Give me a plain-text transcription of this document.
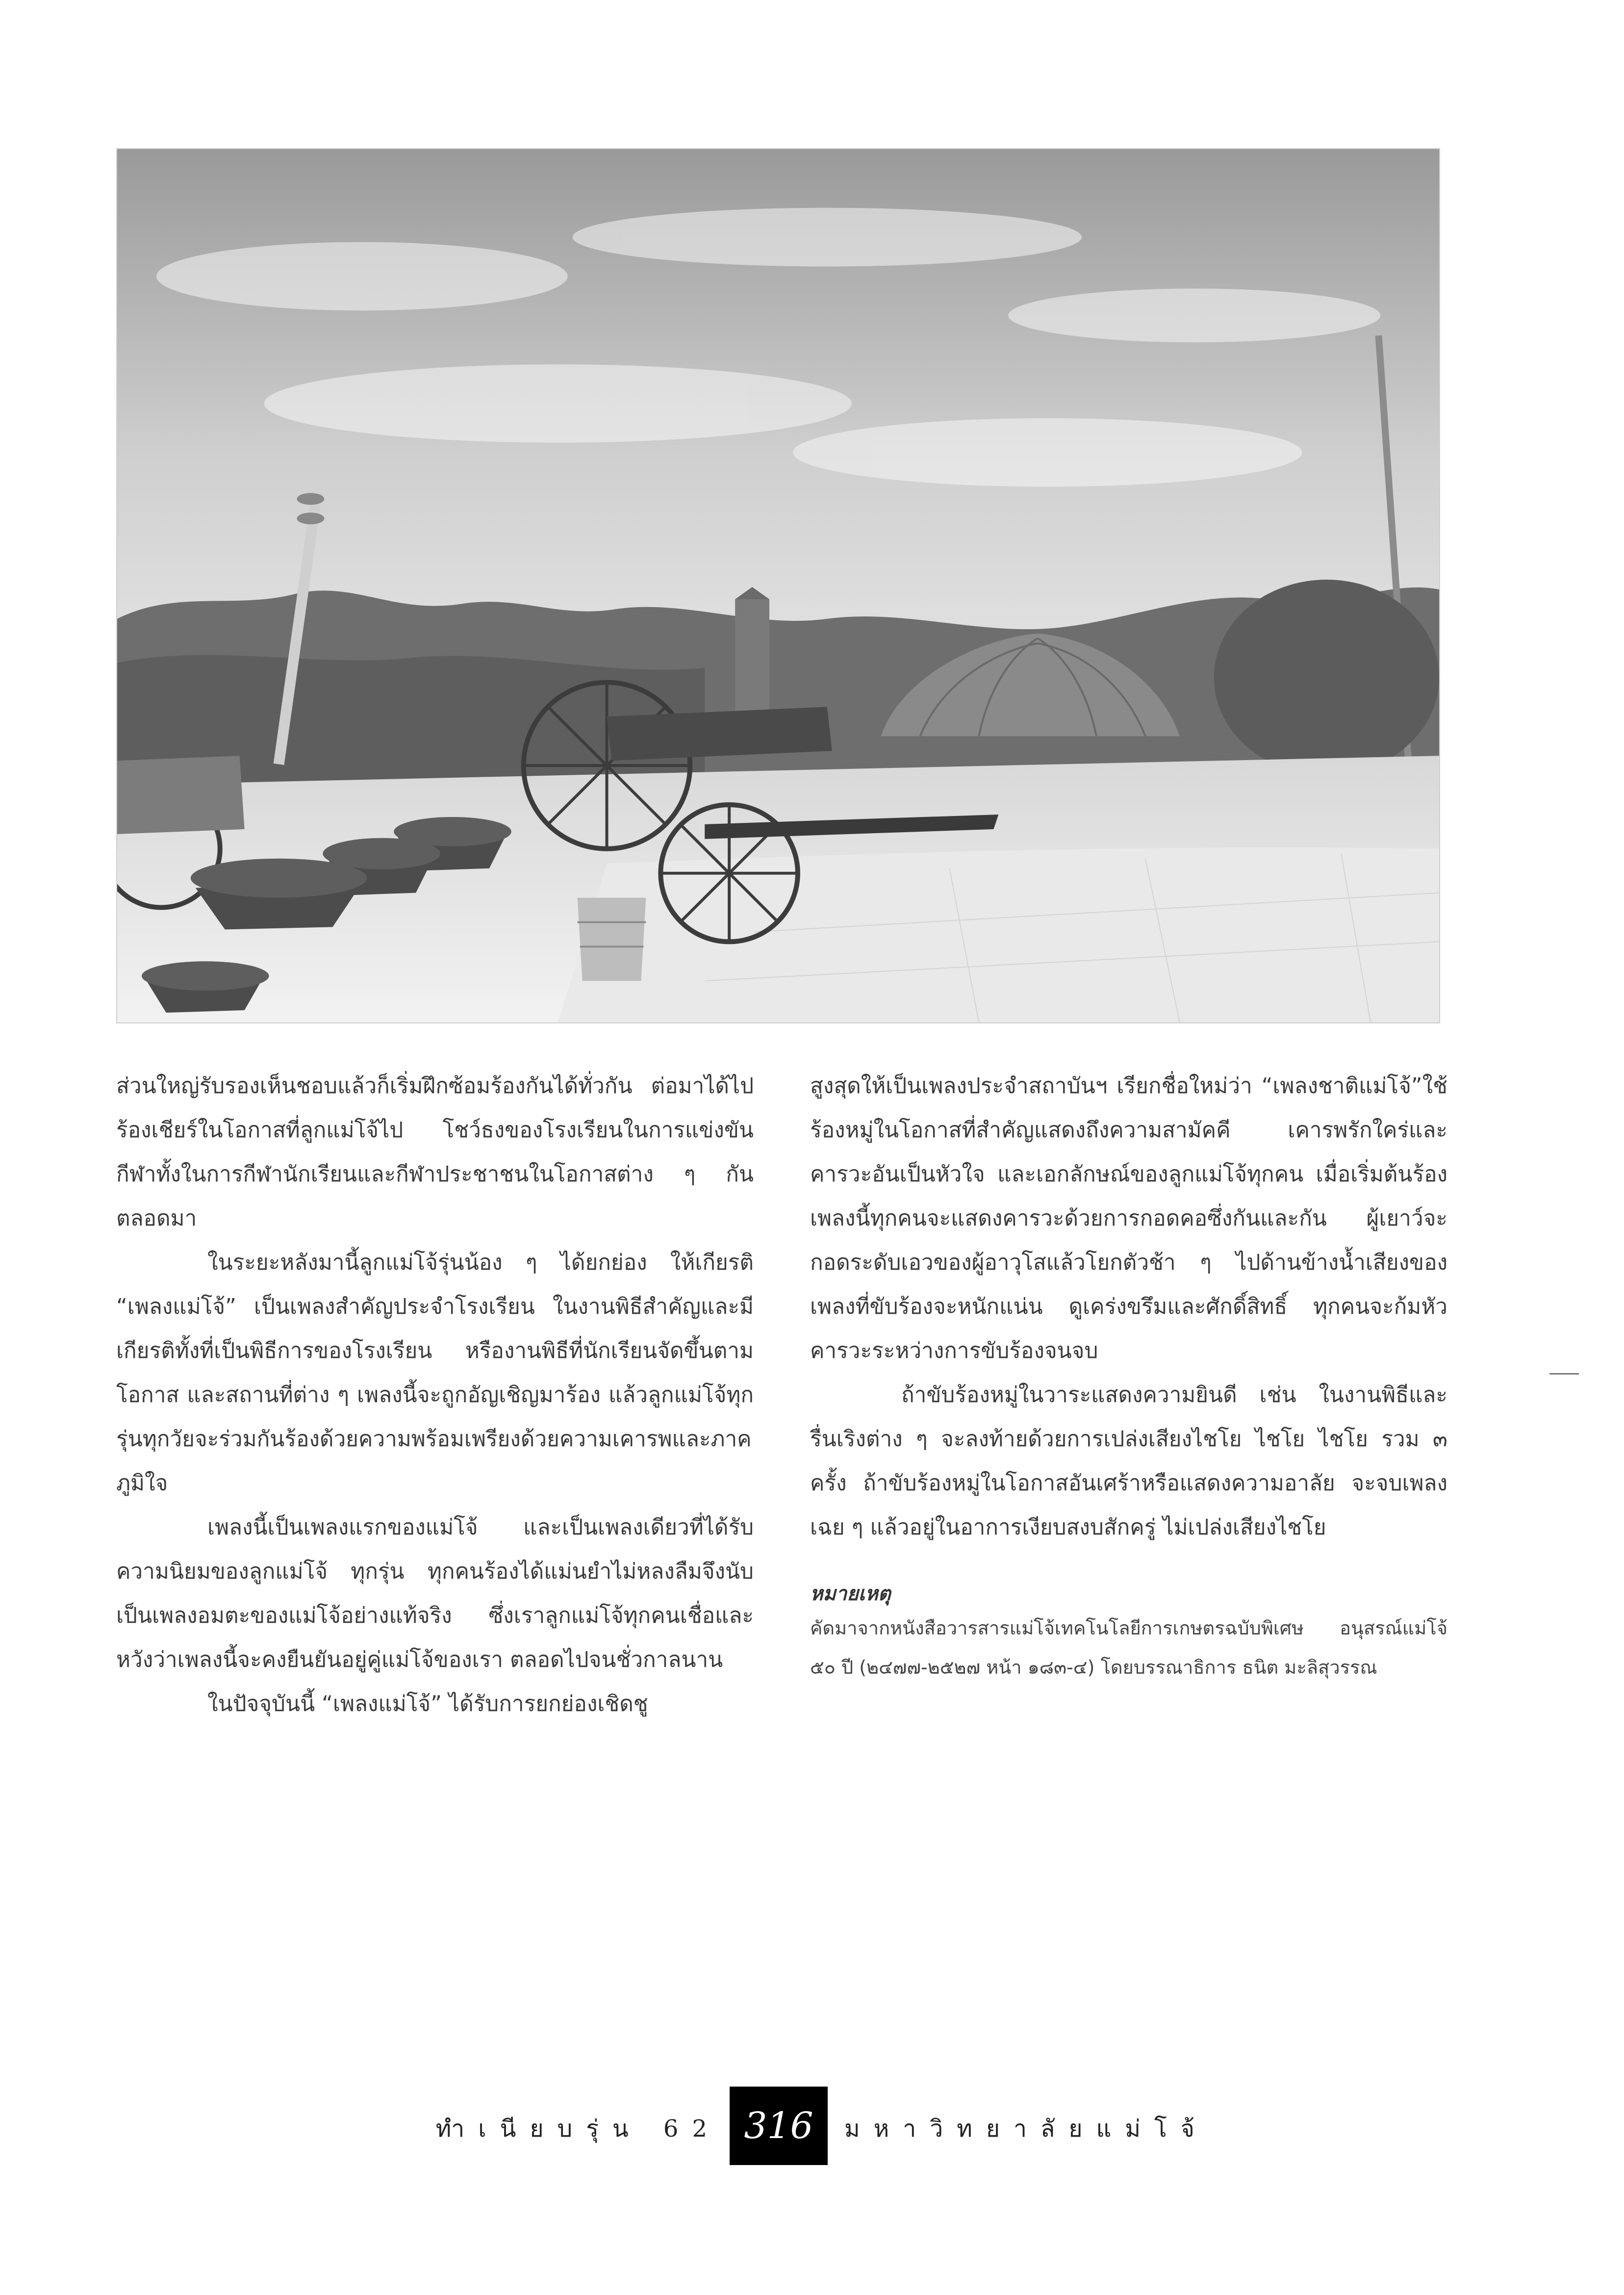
ส่วนใหญ่รับรองเห็นชอบแล้วก็เริ่มฝึกซ้อมร้องกันได้ทั่วกัน ต่อมาได้ไปร้องเชียร์ในโอกาสที่ลูกแม่โจ้ไป โชว์ธงของโรงเรียนในการแข่งขันกีฬาทั้งในการกีฬานักเรียนและกีฬาประชาชนในโอกาสต่าง ๆ กันตลอดมา

ในระยะหลังมานี้ลูกแม่โจ้รุ่นน้อง ๆ ได้ยกย่อง ให้เกียรติ “เพลงแม่โจ้” เป็นเพลงสำคัญประจำโรงเรียน ในงานพิธีสำคัญและมีเกียรติทั้งที่เป็นพิธีการของโรงเรียน หรืองานพิธีที่นักเรียนจัดขึ้นตามโอกาส และสถานที่ต่าง ๆ เพลงนี้จะถูกอัญเชิญมาร้อง แล้วลูกแม่โจ้ทุกรุ่นทุกวัยจะร่วมกันร้องด้วยความพร้อมเพรียงด้วยความเคารพและภาคภูมิใจ

เพลงนี้เป็นเพลงแรกของแม่โจ้ และเป็นเพลงเดียวที่ได้รับความนิยมของลูกแม่โจ้ ทุกรุ่น ทุกคนร้องได้แม่นยำไม่หลงลืมจึงนับเป็นเพลงอมตะของแม่โจ้อย่างแท้จริง ซึ่งเราลูกแม่โจ้ทุกคนเชื่อและหวังว่าเพลงนี้จะคงยืนยันอยู่คู่แม่โจ้ของเรา ตลอดไปจนชั่วกาลนาน

ในปัจจุบันนี้ “เพลงแม่โจ้” ได้รับการยกย่องเชิดชู

สูงสุดให้เป็นเพลงประจำสถาบันฯ เรียกชื่อใหม่ว่า “เพลงชาติแม่โจ้”ใช้ร้องหมู่ในโอกาสที่สำคัญแสดงถึงความสามัคคี เคารพรักใคร่และคารวะอันเป็นหัวใจ และเอกลักษณ์ของลูกแม่โจ้ทุกคน เมื่อเริ่มต้นร้องเพลงนี้ทุกคนจะแสดงคารวะด้วยการกอดคอซึ่งกันและกัน ผู้เยาว์จะกอดระดับเอวของผู้อาวุโสแล้วโยกตัวช้า ๆ ไปด้านข้างน้ำเสียงของเพลงที่ขับร้องจะหนักแน่น ดูเคร่งขรึมและศักดิ์สิทธิ์ ทุกคนจะก้มหัวคารวะระหว่างการขับร้องจนจบ

ถ้าขับร้องหมู่ในวาระแสดงความยินดี เช่น ในงานพิธีและรื่นเริงต่าง ๆ จะลงท้ายด้วยการเปล่งเสียงไชโย ไชโย ไชโย รวม ๓ ครั้ง ถ้าขับร้องหมู่ในโอกาสอันเศร้าหรือแสดงความอาลัย จะจบเพลงเฉย ๆ แล้วอยู่ในอาการเงียบสงบสักครู่ ไม่เปล่งเสียงไชโย

หมายเหตุ
คัดมาจากหนังสือวารสารแม่โจ้เทคโนโลยีการเกษตรฉบับพิเศษ อนุสรณ์แม่โจ้ ๕๐ ปี (๒๔๗๗-๒๕๒๗ หน้า ๑๘๓-๔) โดยบรรณาธิการ ธนิต มะลิสุวรรณ
ทำเนียบรุ่น 62 316	มหาวิทยาลัยแม่โจ้
